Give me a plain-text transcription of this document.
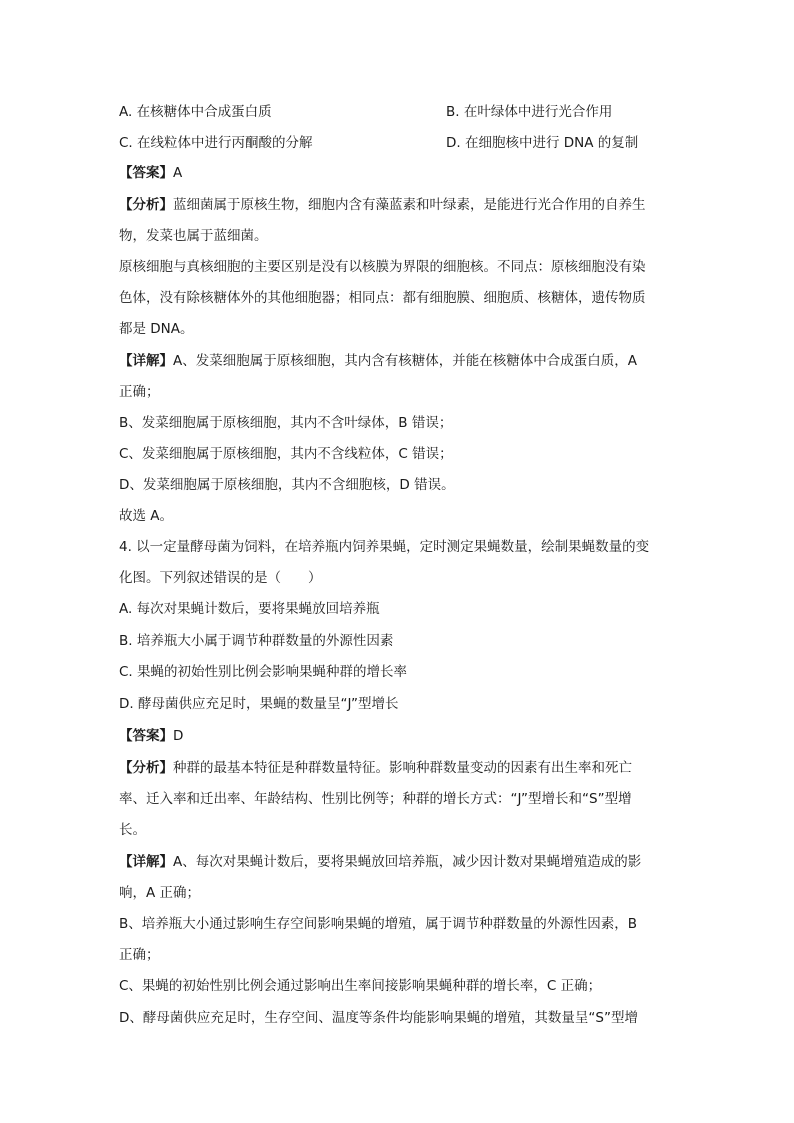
A. 在核糖体中合成蛋白质	B. 在叶绿体中进行光合作用

C. 在线粒体中进行丙酮酸的分解	D. 在细胞核中进行 DNA 的复制

【答案】A

【分析】蓝细菌属于原核生物，细胞内含有藻蓝素和叶绿素，是能进行光合作用的自养生

物，发菜也属于蓝细菌。

原核细胞与真核细胞的主要区别是没有以核膜为界限的细胞核。不同点：原核细胞没有染

色体，没有除核糖体外的其他细胞器；相同点：都有细胞膜、细胞质、核糖体，遗传物质

都是 DNA。

【详解】A、发菜细胞属于原核细胞，其内含有核糖体，并能在核糖体中合成蛋白质，A

正确；

B、发菜细胞属于原核细胞，其内不含叶绿体，B 错误；

C、发菜细胞属于原核细胞，其内不含线粒体，C 错误；

D、发菜细胞属于原核细胞，其内不含细胞核，D 错误。

故选 A。

4. 以一定量酵母菌为饲料，在培养瓶内饲养果蝇，定时测定果蝇数量，绘制果蝇数量的变

化图。下列叙述错误的是（　　）

A. 每次对果蝇计数后，要将果蝇放回培养瓶

B. 培养瓶大小属于调节种群数量的外源性因素

C. 果蝇的初始性别比例会影响果蝇种群的增长率

D. 酵母菌供应充足时，果蝇的数量呈“J”型增长

【答案】D

【分析】种群的最基本特征是种群数量特征。影响种群数量变动的因素有出生率和死亡

率、迁入率和迁出率、年龄结构、性别比例等；种群的增长方式：“J”型增长和“S”型增

长。

【详解】A、每次对果蝇计数后，要将果蝇放回培养瓶，减少因计数对果蝇增殖造成的影

响，A 正确；

B、培养瓶大小通过影响生存空间影响果蝇的增殖，属于调节种群数量的外源性因素，B

正确；

C、果蝇的初始性别比例会通过影响出生率间接影响果蝇种群的增长率，C 正确；

D、酵母菌供应充足时，生存空间、温度等条件均能影响果蝇的增殖，其数量呈“S”型增
